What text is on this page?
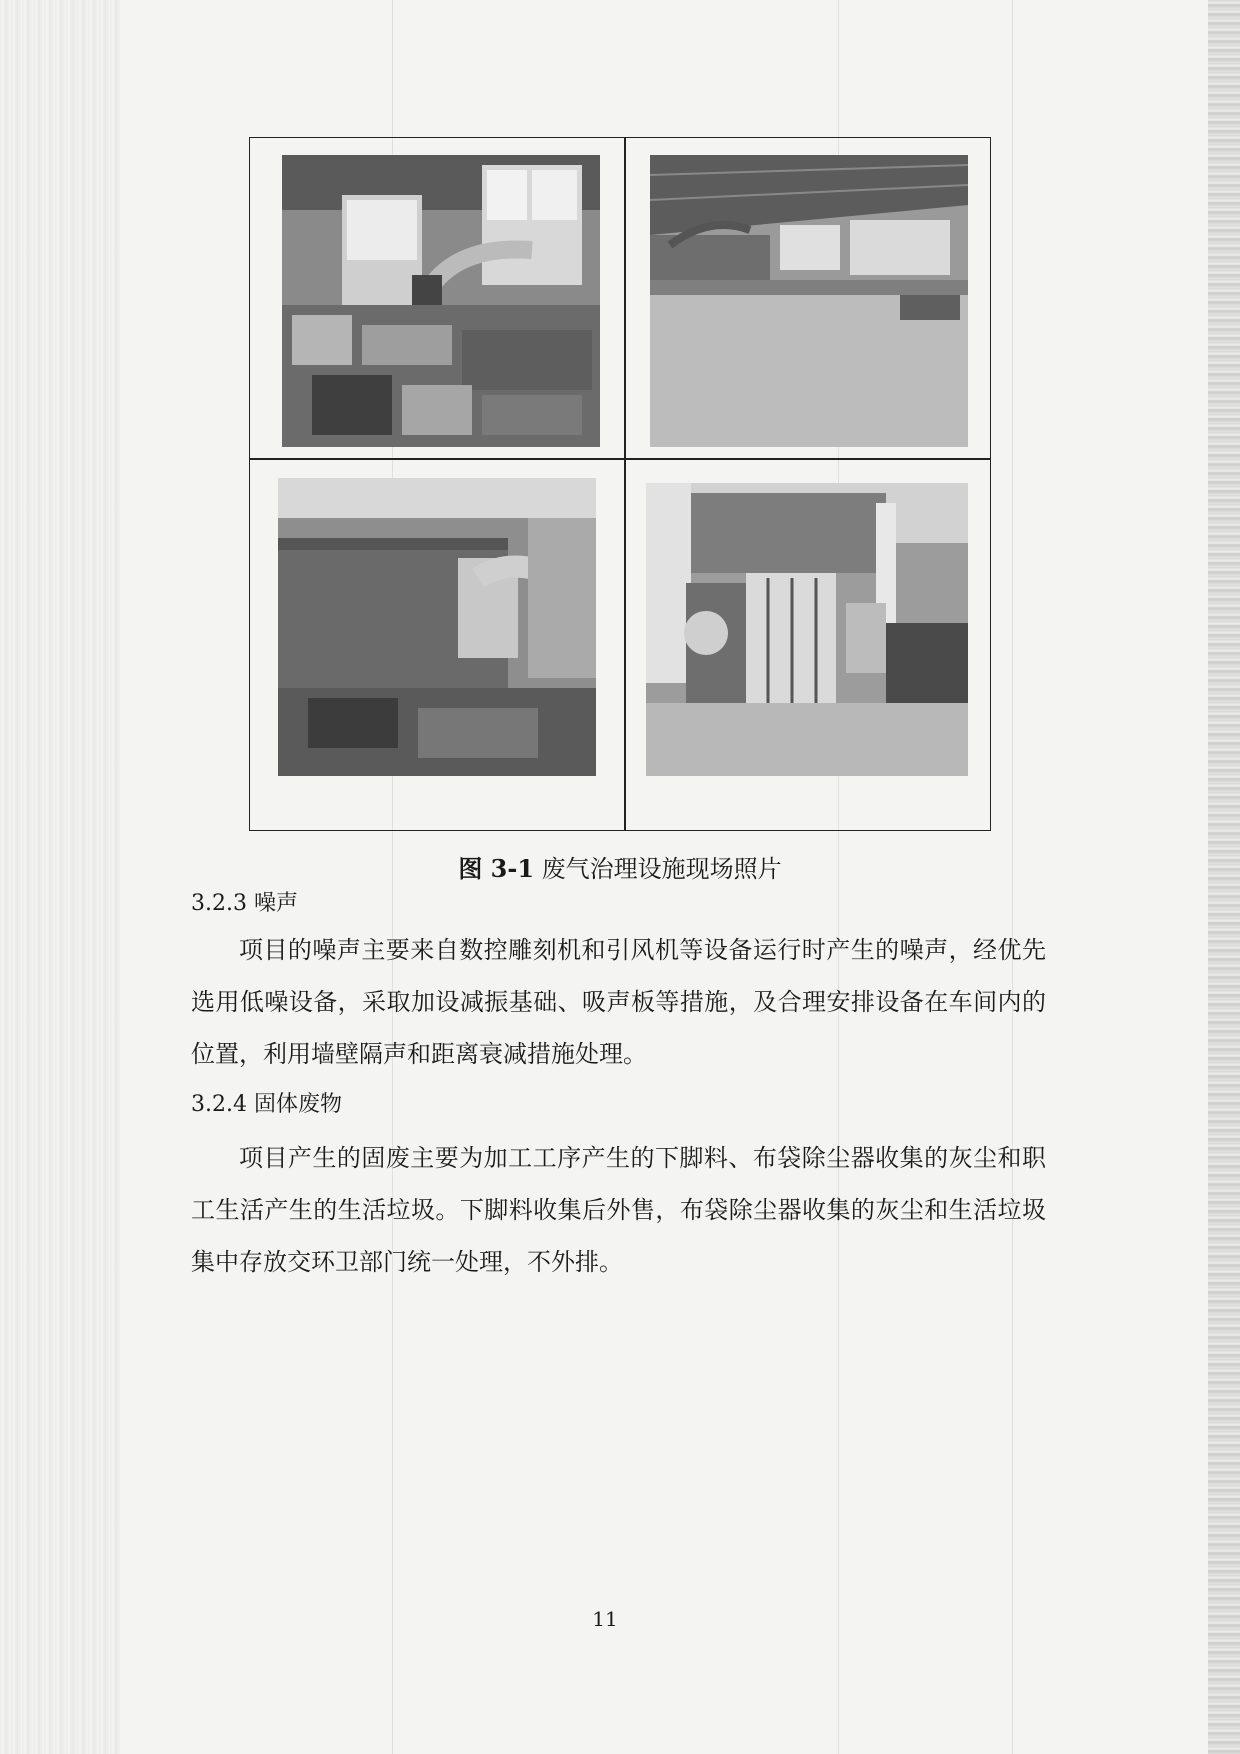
图 3-1 废气治理设施现场照片
3.2.3 噪声
项目的噪声主要来自数控雕刻机和引风机等设备运行时产生的噪声，经优先选用低噪设备，采取加设减振基础、吸声板等措施，及合理安排设备在车间内的位置，利用墙壁隔声和距离衰减措施处理。
3.2.4 固体废物
项目产生的固废主要为加工工序产生的下脚料、布袋除尘器收集的灰尘和职工生活产生的生活垃圾。下脚料收集后外售，布袋除尘器收集的灰尘和生活垃圾集中存放交环卫部门统一处理，不外排。
11
